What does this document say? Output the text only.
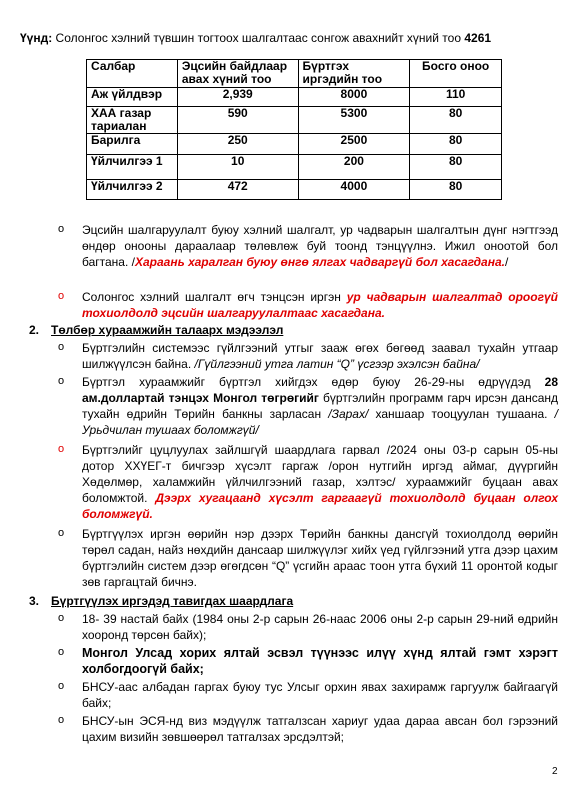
Үүнд: Солонгос хэлний түвшин тогтоох шалгалтаас сонгож авахнийт хүний тоо 4261
Салбар	Эцсийн байдлаар авах хүний тоо	Бүртгэх иргэдийн тоо	Босго оноо
Аж үйлдвэр	2,939	8000	110
ХАА газар тариалан	590	5300	80
Барилга	250	2500	80
Үйлчилгээ 1	10	200	80
Үйлчилгээ 2	472	4000	80
o Эцсийн шалгаруулалт буюу хэлний шалгалт, ур чадварын шалгалтын дүнг нэгтгээд өндөр онооны дараалаар төлөвлөж буй тоонд тэнцүүлнэ. Ижил оноотой бол багтана. /Хараань харалган буюу өнгө ялгах чадваргүй бол хасагдана./
o Солонгос хэлний шалгалт өгч тэнцсэн иргэн ур чадварын шалгалтад ороогүй тохиолдолд эцсийн шалгаруулалтаас хасагдана.
2. Төлбөр хураамжийн талаарх мэдээлэл
o Бүртгэлийн системээс гүйлгээний утгыг зааж өгөх бөгөөд заавал тухайн утгаар шилжүүлсэн байна. /Гүйлгээний утга латин “Q” үсгээр эхэлсэн байна/
o Бүртгэл хураамжийг бүртгэл хийгдэх өдөр буюу 26-29-ны өдрүүдэд 28 ам.доллартай тэнцэх Монгол төгрөгийг бүртгэлийн программ гарч ирсэн дансанд тухайн өдрийн Төрийн банкны зарласан /Зарах/ ханшаар тооцуулан тушаана. /Урьдчилан тушаах боломжгүй/
o Бүртгэлийг цуцлуулах зайлшгүй шаардлага гарвал /2024 оны 03-р сарын 05-ны дотор ХХҮЕГ-т бичгээр хүсэлт гаргаж /орон нутгийн иргэд аймаг, дүүргийн Хөдөлмөр, халамжийн үйлчилгээний газар, хэлтэс/ хураамжийг буцаан авах боломжтой. Дээрх хугацаанд хүсэлт гаргаагүй тохиолдолд буцаан олгох боломжгүй.
o Бүртгүүлэх иргэн өөрийн нэр дээрх Төрийн банкны дансгүй тохиолдолд өөрийн төрөл садан, найз нөхдийн дансаар шилжүүлэг хийх үед гүйлгээний утга дээр цахим бүртгэлийн систем дээр өгөгдсөн “Q” үсгийн араас тоон утга бүхий 11 оронтой кодыг зөв гаргацтай бичнэ.
3. Бүртгүүлэх иргэдэд тавигдах шаардлага
o 18- 39 настай байх (1984 оны 2-р сарын 26-наас 2006 оны 2-р сарын 29-ний өдрийн хооронд төрсөн байх);
o Монгол Улсад хорих ялтай эсвэл түүнээс илүү хүнд ялтай гэмт хэрэгт холбогдоогүй байх;
o БНСУ-аас албадан гаргах буюу тус Улсыг орхин явах захирамж гаргуулж байгаагүй байх;
o БНСУ-ын ЭСЯ-нд виз мэдүүлж татгалзсан хариуг удаа дараа авсан бол гэрээний цахим визийн зөвшөөрөл татгалзах эрсдэлтэй;
2
